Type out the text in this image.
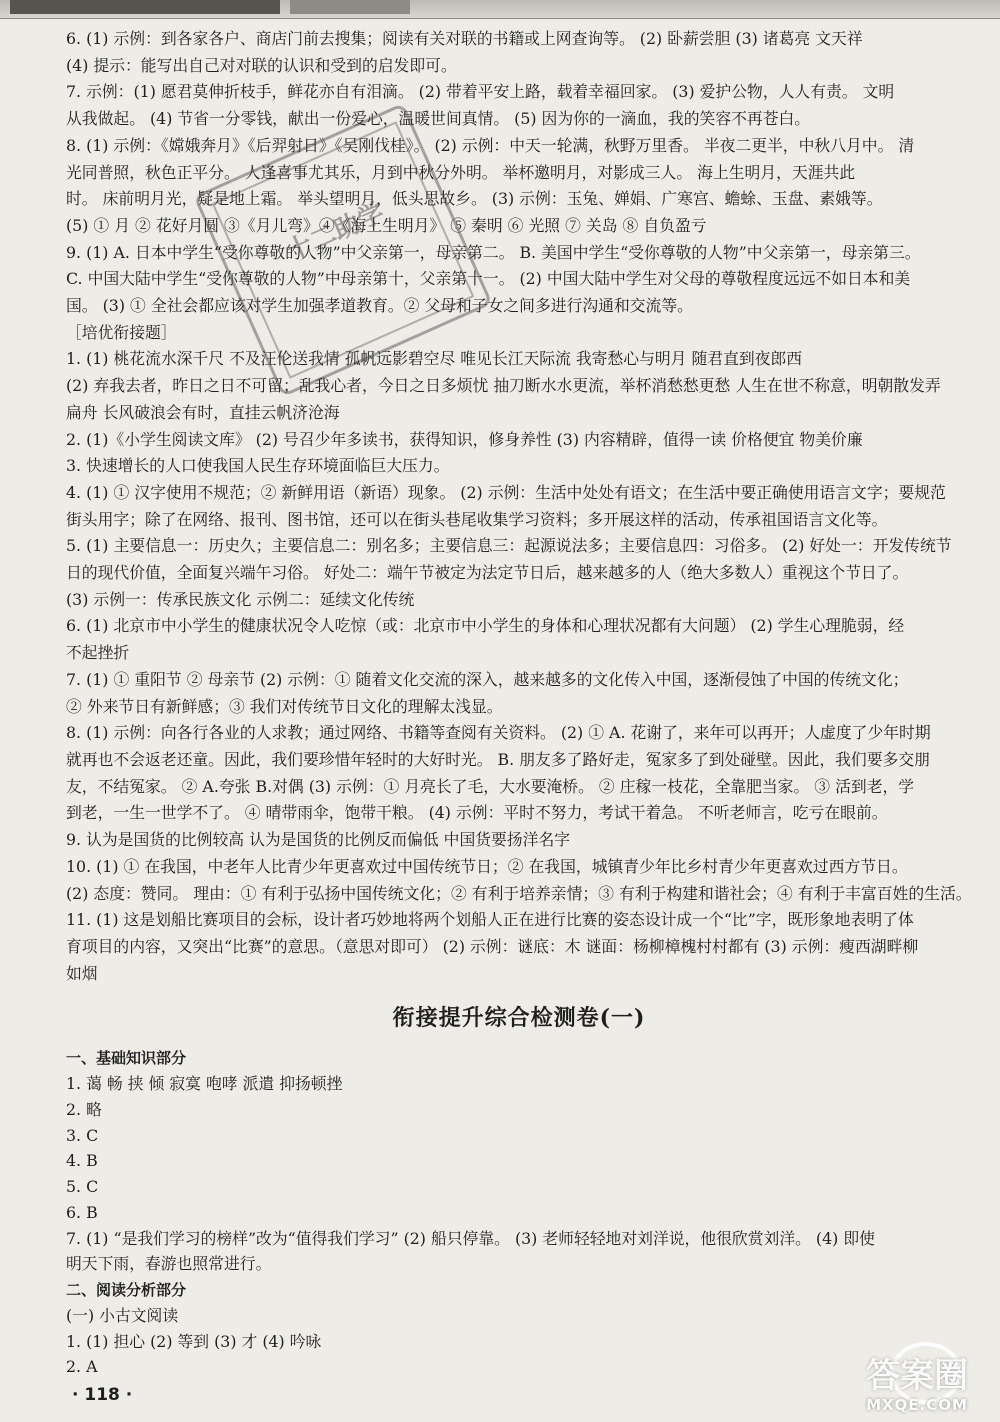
6. (1) 示例：到各家各户、商店门前去搜集；阅读有关对联的书籍或上网查询等。 (2) 卧薪尝胆 (3) 诸葛亮 文天祥
(4) 提示：能写出自己对对联的认识和受到的启发即可。
7. 示例：(1) 愿君莫伸折枝手，鲜花亦自有泪滴。 (2) 带着平安上路，载着幸福回家。 (3) 爱护公物，人人有责。 文明
从我做起。 (4) 节省一分零钱，献出一份爱心，温暖世间真情。 (5) 因为你的一滴血，我的笑容不再苍白。
8. (1) 示例：《嫦娥奔月》《后羿射日》《吴刚伐桂》。 (2) 示例：中天一轮满，秋野万里香。 半夜二更半，中秋八月中。 清
光同普照，秋色正平分。 人逢喜事尤其乐，月到中秋分外明。 举杯邀明月，对影成三人。 海上生明月，天涯共此
时。 床前明月光，疑是地上霜。 举头望明月，低头思故乡。 (3) 示例：玉兔、婵娟、广寒宫、蟾蜍、玉盘、素娥等。
(5) ① 月 ② 花好月圆 ③《月儿弯》④《海上生明月》 ⑤ 秦明 ⑥ 光照 ⑦ 关岛 ⑧ 自负盈亏
9. (1) A. 日本中学生“受你尊敬的人物”中父亲第一，母亲第二。 B. 美国中学生“受你尊敬的人物”中父亲第一，母亲第三。
C. 中国大陆中学生“受你尊敬的人物”中母亲第十，父亲第十一。 (2) 中国大陆中学生对父母的尊敬程度远远不如日本和美
国。 (3) ① 全社会都应该对学生加强孝道教育。② 父母和子女之间多进行沟通和交流等。
［培优衔接题］
1. (1) 桃花流水深千尺 不及汪伦送我情 孤帆远影碧空尽 唯见长江天际流 我寄愁心与明月 随君直到夜郎西
(2) 弃我去者，昨日之日不可留；乱我心者，今日之日多烦忧 抽刀断水水更流，举杯消愁愁更愁 人生在世不称意，明朝散发弄
扁舟 长风破浪会有时，直挂云帆济沧海
2. (1)《小学生阅读文库》 (2) 号召少年多读书，获得知识，修身养性 (3) 内容精辟，值得一读 价格便宜 物美价廉
3. 快速增长的人口使我国人民生存环境面临巨大压力。
4. (1) ① 汉字使用不规范；② 新鲜用语（新语）现象。 (2) 示例：生活中处处有语文；在生活中要正确使用语言文字；要规范
街头用字；除了在网络、报刊、图书馆，还可以在街头巷尾收集学习资料；多开展这样的活动，传承祖国语言文化等。
5. (1) 主要信息一：历史久；主要信息二：别名多；主要信息三：起源说法多；主要信息四：习俗多。 (2) 好处一：开发传统节
日的现代价值，全面复兴端午习俗。 好处二：端午节被定为法定节日后，越来越多的人（绝大多数人）重视这个节日了。
(3) 示例一：传承民族文化 示例二：延续文化传统
6. (1) 北京市中小学生的健康状况令人吃惊（或：北京市中小学生的身体和心理状况都有大问题） (2) 学生心理脆弱，经
不起挫折
7. (1) ① 重阳节 ② 母亲节 (2) 示例：① 随着文化交流的深入，越来越多的文化传入中国，逐渐侵蚀了中国的传统文化；
② 外来节日有新鲜感；③ 我们对传统节日文化的理解太浅显。
8. (1) 示例：向各行各业的人求教；通过网络、书籍等查阅有关资料。 (2) ① A. 花谢了，来年可以再开；人虚度了少年时期
就再也不会返老还童。因此，我们要珍惜年轻时的大好时光。 B. 朋友多了路好走，冤家多了到处碰壁。因此，我们要多交朋
友，不结冤家。 ② A.夸张 B.对偶 (3) 示例：① 月亮长了毛，大水要淹桥。 ② 庄稼一枝花，全靠肥当家。 ③ 活到老，学
到老，一生一世学不了。 ④ 晴带雨伞，饱带干粮。 (4) 示例：平时不努力，考试干着急。 不听老师言，吃亏在眼前。
9. 认为是国货的比例较高 认为是国货的比例反而偏低 中国货要扬洋名字
10. (1) ① 在我国，中老年人比青少年更喜欢过中国传统节日；② 在我国，城镇青少年比乡村青少年更喜欢过西方节日。
(2) 态度：赞同。 理由：① 有利于弘扬中国传统文化；② 有利于培养亲情；③ 有利于构建和谐社会；④ 有利于丰富百姓的生活。
11. (1) 这是划船比赛项目的会标，设计者巧妙地将两个划船人正在进行比赛的姿态设计成一个“比”字，既形象地表明了体
育项目的内容，又突出“比赛”的意思。（意思对即可） (2) 示例：谜底：木 谜面：杨柳樟槐村村都有 (3) 示例：瘦西湖畔柳
如烟
衔接提升综合检测卷(一)
一、基础知识部分
1. 蔼 畅 挟 倾 寂寞 咆哮 派遣 抑扬顿挫
2. 略
3. C
4. B
5. C
6. B
7. (1) “是我们学习的榜样”改为“值得我们学习” (2) 船只停靠。 (3) 老师轻轻地对刘洋说，他很欣赏刘洋。 (4) 即使
明天下雨，春游也照常进行。
二、阅读分析部分
(一) 小古文阅读
1. (1) 担心 (2) 等到 (3) 才 (4) 吟咏
2. A
十二助学
· 118 ·	答案圈
MXQE.COM
